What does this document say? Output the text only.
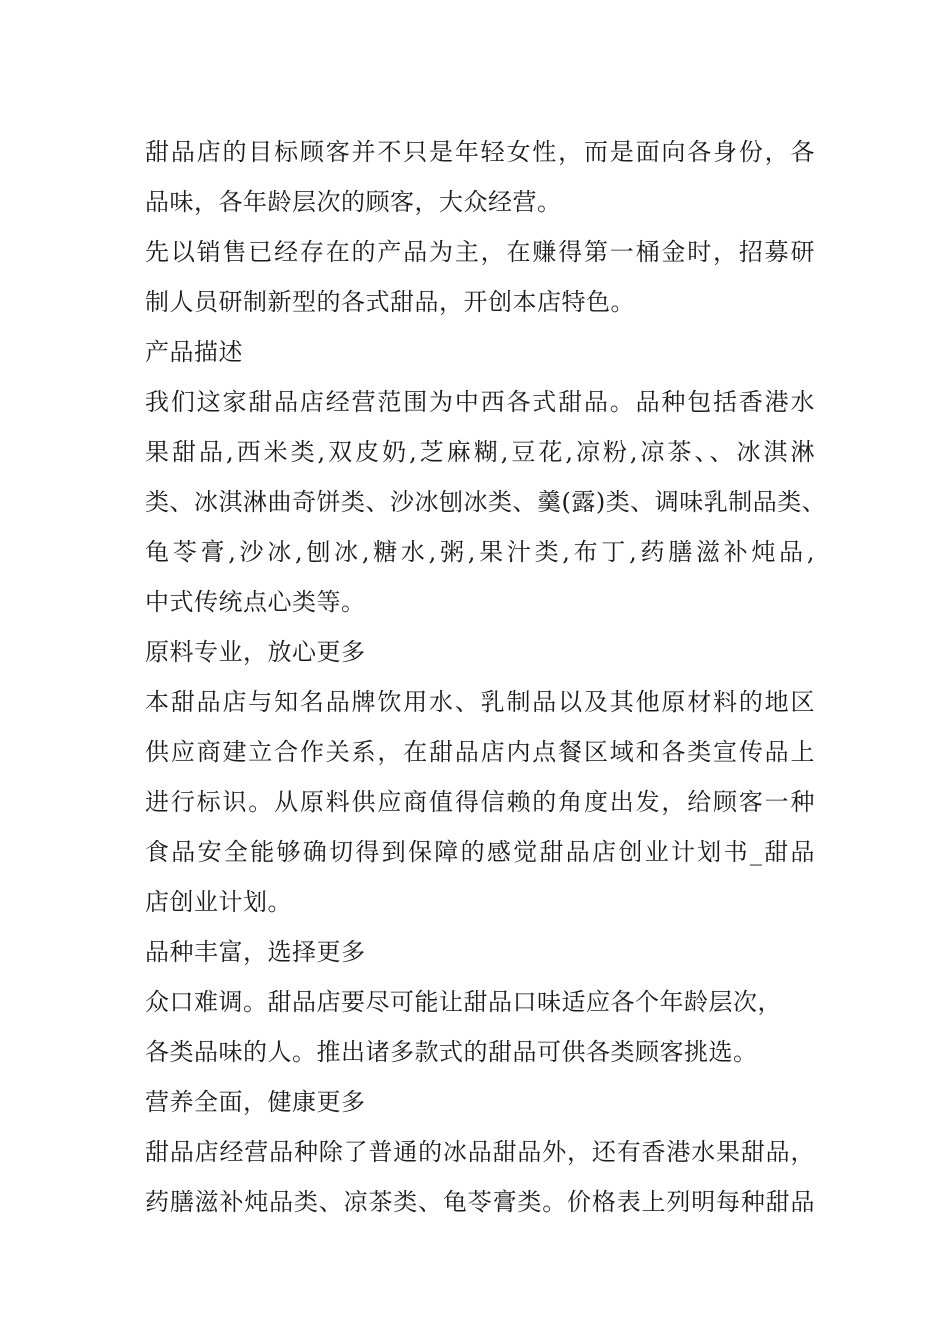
甜品店的目标顾客并不只是年轻女性，而是面向各身份，各
品味，各年龄层次的顾客，大众经营。
先以销售已经存在的产品为主，在赚得第一桶金时，招募研
制人员研制新型的各式甜品，开创本店特色。
产品描述
我们这家甜品店经营范围为中西各式甜品。品种包括香港水
果甜品,西米类,双皮奶,芝麻糊,豆花,凉粉,凉茶、、冰淇淋
类、冰淇淋曲奇饼类、沙冰刨冰类、羹(露)类、调味乳制品类、
龟苓膏,沙冰,刨冰,糖水,粥,果汁类,布丁,药膳滋补炖品,
中式传统点心类等。
原料专业，放心更多
本甜品店与知名品牌饮用水、乳制品以及其他原材料的地区
供应商建立合作关系，在甜品店内点餐区域和各类宣传品上
进行标识。从原料供应商值得信赖的角度出发，给顾客一种
食品安全能够确切得到保障的感觉甜品店创业计划书_甜品
店创业计划。
品种丰富，选择更多
众口难调。甜品店要尽可能让甜品口味适应各个年龄层次，
各类品味的人。推出诸多款式的甜品可供各类顾客挑选。
营养全面，健康更多
甜品店经营品种除了普通的冰品甜品外，还有香港水果甜品，
药膳滋补炖品类、凉茶类、龟苓膏类。价格表上列明每种甜品
